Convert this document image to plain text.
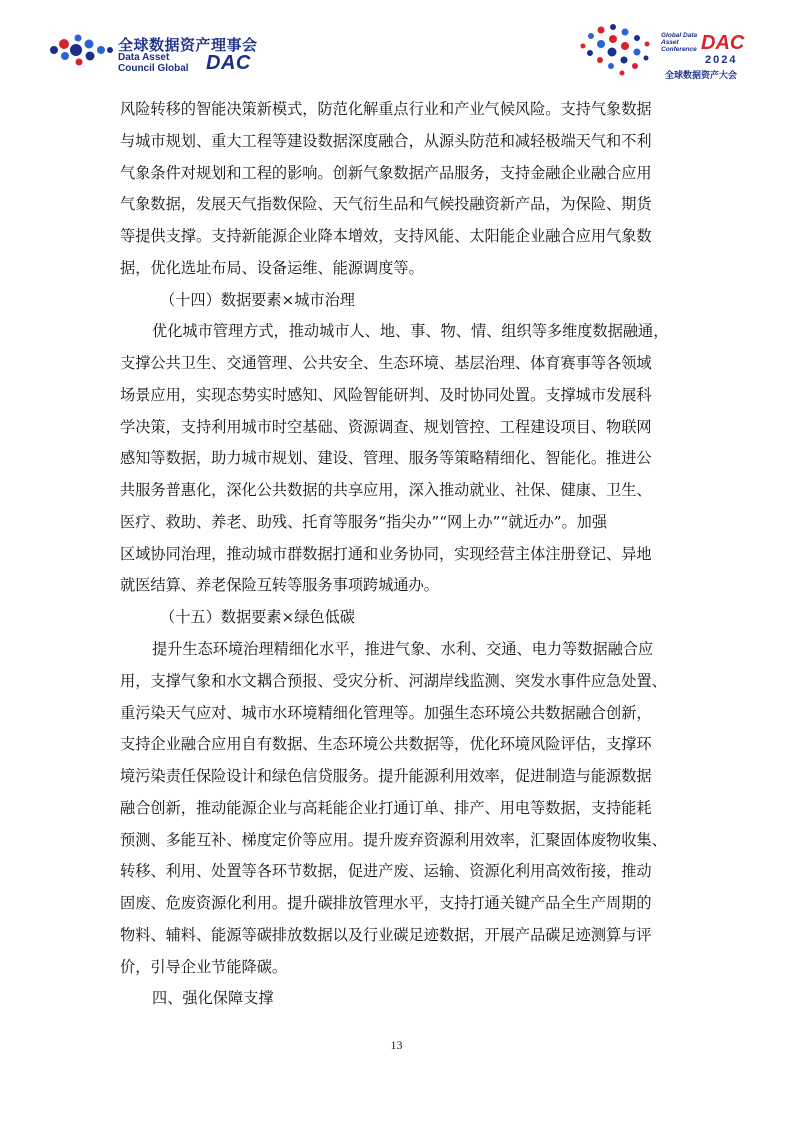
全球数据资产理事会
Data Asset Council Global DAC
Global Data Asset Conference DAC
2024
全球数据资产大会
风险转移的智能决策新模式，防范化解重点行业和产业气候风险。支持气象数据
与城市规划、重大工程等建设数据深度融合，从源头防范和减轻极端天气和不利
气象条件对规划和工程的影响。创新气象数据产品服务，支持金融企业融合应用
气象数据，发展天气指数保险、天气衍生品和气候投融资新产品，为保险、期货
等提供支撑。支持新能源企业降本增效，支持风能、太阳能企业融合应用气象数
据，优化选址布局、设备运维、能源调度等。
（十四）数据要素×城市治理
优化城市管理方式，推动城市人、地、事、物、情、组织等多维度数据融通，
支撑公共卫生、交通管理、公共安全、生态环境、基层治理、体育赛事等各领域
场景应用，实现态势实时感知、风险智能研判、及时协同处置。支撑城市发展科
学决策，支持利用城市时空基础、资源调查、规划管控、工程建设项目、物联网
感知等数据，助力城市规划、建设、管理、服务等策略精细化、智能化。推进公
共服务普惠化，深化公共数据的共享应用，深入推动就业、社保、健康、卫生、
医疗、救助、养老、助残、托育等服务“指尖办”“网上办”“就近办”。加强
区域协同治理，推动城市群数据打通和业务协同，实现经营主体注册登记、异地
就医结算、养老保险互转等服务事项跨城通办。
（十五）数据要素×绿色低碳
提升生态环境治理精细化水平，推进气象、水利、交通、电力等数据融合应
用，支撑气象和水文耦合预报、受灾分析、河湖岸线监测、突发水事件应急处置、
重污染天气应对、城市水环境精细化管理等。加强生态环境公共数据融合创新，
支持企业融合应用自有数据、生态环境公共数据等，优化环境风险评估，支撑环
境污染责任保险设计和绿色信贷服务。提升能源利用效率，促进制造与能源数据
融合创新，推动能源企业与高耗能企业打通订单、排产、用电等数据，支持能耗
预测、多能互补、梯度定价等应用。提升废弃资源利用效率，汇聚固体废物收集、
转移、利用、处置等各环节数据，促进产废、运输、资源化利用高效衔接，推动
固废、危废资源化利用。提升碳排放管理水平，支持打通关键产品全生产周期的
物料、辅料、能源等碳排放数据以及行业碳足迹数据，开展产品碳足迹测算与评
价，引导企业节能降碳。
四、强化保障支撑
13
